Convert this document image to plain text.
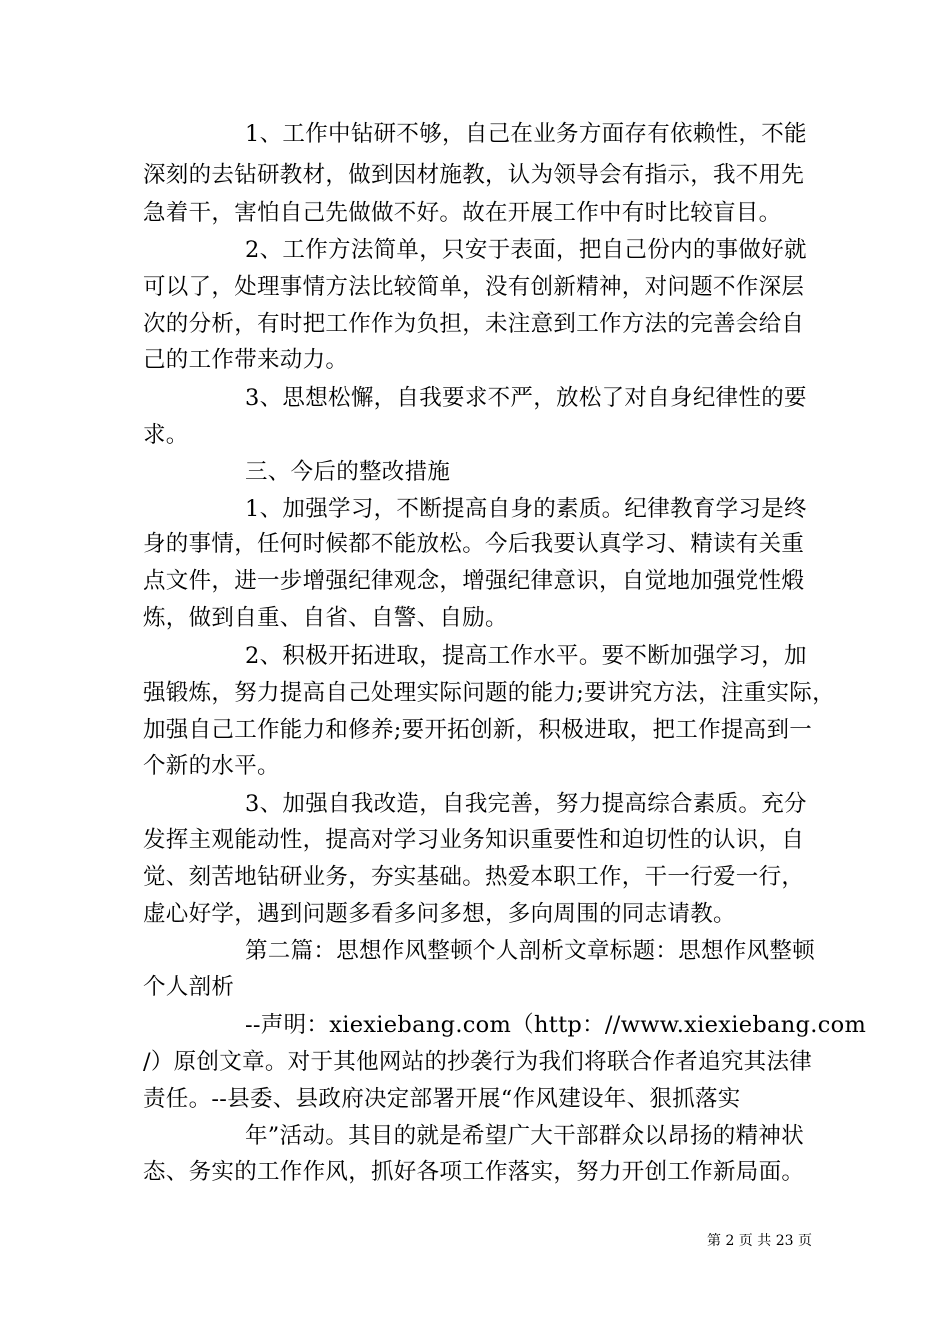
1、工作中钻研不够，自己在业务方面存有依赖性，不能
深刻的去钻研教材，做到因材施教，认为领导会有指示，我不用先
急着干，害怕自己先做做不好。故在开展工作中有时比较盲目。
2、工作方法简单，只安于表面，把自己份内的事做好就
可以了，处理事情方法比较简单，没有创新精神，对问题不作深层
次的分析，有时把工作作为负担，未注意到工作方法的完善会给自
己的工作带来动力。
3、思想松懈，自我要求不严，放松了对自身纪律性的要
求。
三、今后的整改措施
1、加强学习，不断提高自身的素质。纪律教育学习是终
身的事情，任何时候都不能放松。今后我要认真学习、精读有关重
点文件，进一步增强纪律观念，增强纪律意识，自觉地加强党性煅
炼，做到自重、自省、自警、自励。
2、积极开拓进取，提高工作水平。要不断加强学习，加
强锻炼，努力提高自己处理实际问题的能力;要讲究方法，注重实际，
加强自己工作能力和修养;要开拓创新，积极进取，把工作提高到一
个新的水平。
3、加强自我改造，自我完善，努力提高综合素质。充分
发挥主观能动性，提高对学习业务知识重要性和迫切性的认识，自
觉、刻苦地钻研业务，夯实基础。热爱本职工作，干一行爱一行，
虚心好学，遇到问题多看多问多想，多向周围的同志请教。
第二篇：思想作风整顿个人剖析文章标题：思想作风整顿
个人剖析
--声明：xiexiebang.com（http：//www.xiexiebang.com
/）原创文章。对于其他网站的抄袭行为我们将联合作者追究其法律
责任。--县委、县政府决定部署开展“作风建设年、狠抓落实
年”活动。其目的就是希望广大干部群众以昂扬的精神状
态、务实的工作作风，抓好各项工作落实，努力开创工作新局面。
第 2 页 共 23 页
